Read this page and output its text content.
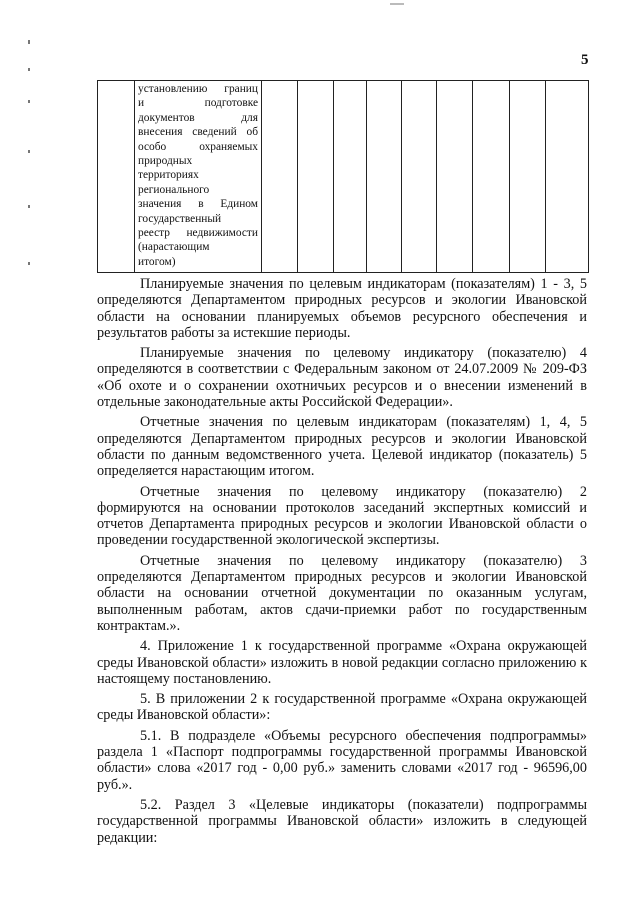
5

установлению границ
и подготовке
документов для
внесения сведений об
особо охраняемых
природных
территориях
регионального
значения в Едином
государственный
реестр недвижимости
(нарастающим
итогом)

Планируемые значения по целевым индикаторам (показателям) 1 - 3, 5 определяются Департаментом природных ресурсов и экологии Ивановской области на основании планируемых объемов ресурсного обеспечения и результатов работы за истекшие периоды.

Планируемые значения по целевому индикатору (показателю) 4 определяются в соответствии с Федеральным законом от 24.07.2009 № 209-ФЗ «Об охоте и о сохранении охотничьих ресурсов и о внесении изменений в отдельные законодательные акты Российской Федерации».

Отчетные значения по целевым индикаторам (показателям) 1, 4, 5 определяются Департаментом природных ресурсов и экологии Ивановской области по данным ведомственного учета. Целевой индикатор (показатель) 5 определяется нарастающим итогом.

Отчетные значения по целевому индикатору (показателю) 2 формируются на основании протоколов заседаний экспертных комиссий и отчетов Департамента природных ресурсов и экологии Ивановской области о проведении государственной экологической экспертизы.

Отчетные значения по целевому индикатору (показателю) 3 определяются Департаментом природных ресурсов и экологии Ивановской области на основании отчетной документации по оказанным услугам, выполненным работам, актов сдачи-приемки работ по государственным контрактам.».

4. Приложение 1 к государственной программе «Охрана окружающей среды Ивановской области» изложить в новой редакции согласно приложению к настоящему постановлению.

5. В приложении 2 к государственной программе «Охрана окружающей среды Ивановской области»:

5.1. В подразделе «Объемы ресурсного обеспечения подпрограммы» раздела 1 «Паспорт подпрограммы государственной программы Ивановской области» слова «2017 год - 0,00 руб.» заменить словами «2017 год - 96596,00 руб.».

5.2. Раздел 3 «Целевые индикаторы (показатели) подпрограммы государственной программы Ивановской области» изложить в следующей редакции:
